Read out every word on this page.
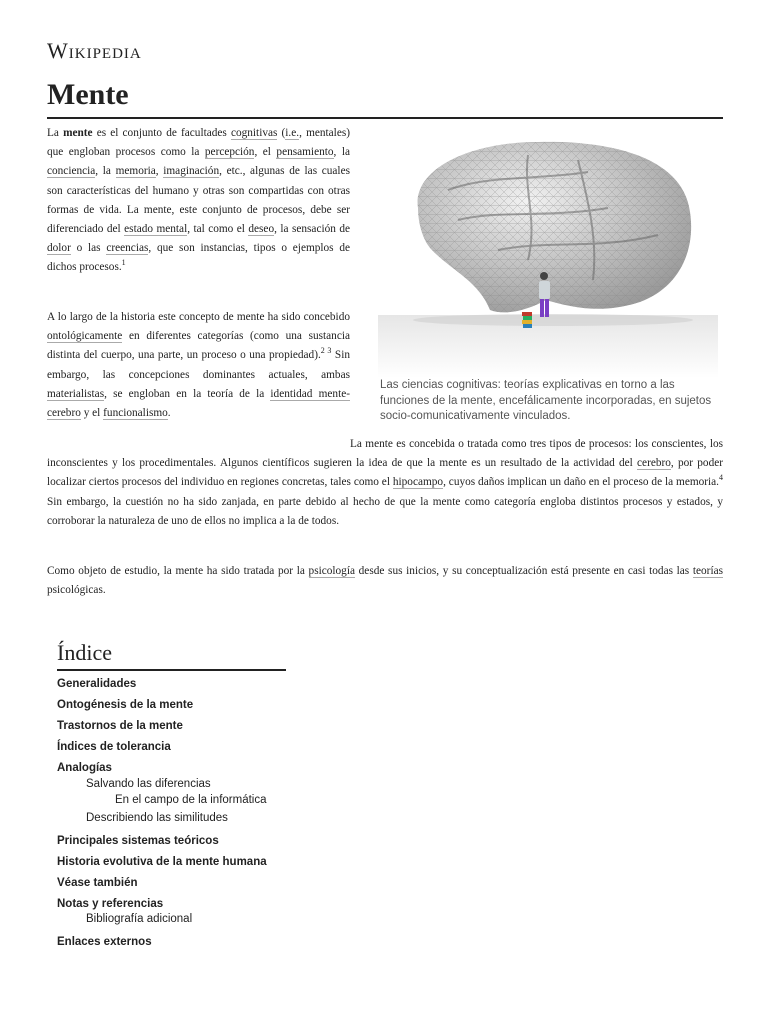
Wikipedia
Mente

La mente es el conjunto de facultades cognitivas (i.e., mentales) que engloban procesos como la percepción, el pensamiento, la conciencia, la memoria, imaginación, etc., algunas de las cuales son características del humano y otras son compartidas con otras formas de vida. La mente, este conjunto de procesos, debe ser diferenciado del estado mental, tal como el deseo, la sensación de dolor o las creencias, que son instancias, tipos o ejemplos de dichos procesos.$^1$

A lo largo de la historia este concepto de mente ha sido concebido ontológicamente en diferentes categorías (como una sustancia distinta del cuerpo, una parte, un proceso o una propiedad).$^{2 3}$ Sin embargo, las concepciones dominantes actuales, ambas materialistas, se engloban en la teoría de la identidad mente-cerebro y el funcionalismo.

Las ciencias cognitivas: teorías explicativas en torno a las funciones de la mente, encefálicamente incorporadas, en sujetos socio-comunicativamente vinculados.

La mente es concebida o tratada como tres tipos de procesos: los conscientes, los inconscientes y los procedimentales. Algunos científicos sugieren la idea de que la mente es un resultado de la actividad del cerebro, por poder localizar ciertos procesos del individuo en regiones concretas, tales como el hipocampo, cuyos daños implican un daño en el proceso de la memoria.$^4$ Sin embargo, la cuestión no ha sido zanjada, en parte debido al hecho de que la mente como categoría engloba distintos procesos y estados, y corroborar la naturaleza de uno de ellos no implica a la de todos.

Como objeto de estudio, la mente ha sido tratada por la psicología desde sus inicios, y su conceptualización está presente en casi todas las teorías psicológicas.

Índice
Generalidades
Ontogénesis de la mente
Trastornos de la mente
Índices de tolerancia
Analogías
Salvando las diferencias
En el campo de la informática
Describiendo las similitudes
Principales sistemas teóricos
Historia evolutiva de la mente humana
Véase también
Notas y referencias
Bibliografía adicional
Enlaces externos
